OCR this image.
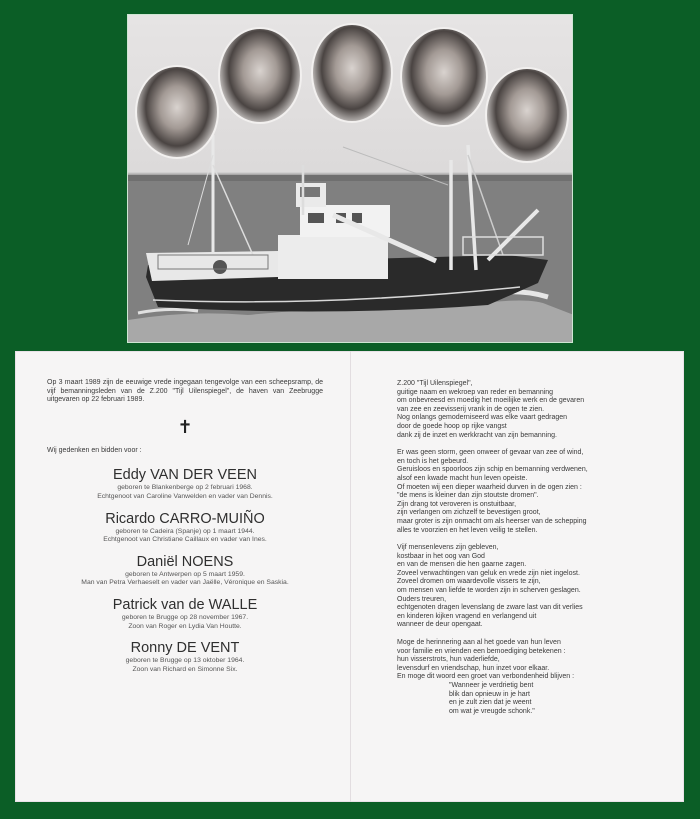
Op 3 maart 1989 zijn de eeuwige vrede ingegaan tengevolge van een scheepsramp, de vijf bemanningsleden van de Z.200 "Tijl Uilenspiegel", de haven van Zeebrugge uitgevaren op 22 februari 1989.
✝
Wij gedenken en bidden voor :
Eddy VAN DER VEEN
geboren te Blankenberge op 2 februari 1968.
Echtgenoot van Caroline Vanwelden en vader van Dennis.
Ricardo CARRO-MUIÑO
geboren te Cadeira (Spanje) op 1 maart 1944.
Echtgenoot van Christiane Caillaux en vader van Ines.
Daniël NOENS
geboren te Antwerpen op 5 maart 1959.
Man van Petra Verhaeselt en vader van Jaëlle, Véronique en Saskia.
Patrick van de WALLE
geboren te Brugge op 28 november 1967.
Zoon van Roger en Lydia Van Houtte.
Ronny DE VENT
geboren te Brugge op 13 oktober 1964.
Zoon van Richard en Simonne Six.
Z.200 "Tijl Uilenspiegel",
guitige naam en wekroep van reder en bemanning
om onbevreesd en moedig het moeilijke werk en de gevaren
van zee en zeevisserij vrank in de ogen te zien.
Nog onlangs gemoderniseerd was elke vaart gedragen
door de goede hoop op rijke vangst
dank zij de inzet en werkkracht van zijn bemanning.
Er was geen storm, geen onweer of gevaar van zee of wind,
en toch is het gebeurd.
Geruisloos en spoorloos zijn schip en bemanning verdwenen,
alsof een kwade macht hun leven opeiste.
Of moeten wij een dieper waarheid durven in de ogen zien :
"de mens is kleiner dan zijn stoutste dromen".
Zijn drang tot veroveren is onstuitbaar,
zijn verlangen om zichzelf te bevestigen groot,
maar groter is zijn onmacht om als heerser van de schepping
alles te voorzien en het leven veilig te stellen.
Vijf mensenlevens zijn gebleven,
kostbaar in het oog van God
en van de mensen die hen gaarne zagen.
Zoveel verwachtingen van geluk en vrede zijn niet ingelost.
Zoveel dromen om waardevolle vissers te zijn,
om mensen van liefde te worden zijn in scherven geslagen.
Ouders treuren,
echtgenoten dragen levenslang de zware last van dit verlies
en kinderen kijken vragend en verlangend uit
wanneer de deur opengaat.
Moge de herinnering aan al het goede van hun leven
voor familie en vrienden een bemoediging betekenen :
hun visserstrots, hun vaderliefde,
levensdurf en vriendschap, hun inzet voor elkaar.
En moge dit woord een groet van verbondenheid blijven :
"Wanneer je verdrietig bent
blik dan opnieuw in je hart
en je zult zien dat je weent
om wat je vreugde schonk."
